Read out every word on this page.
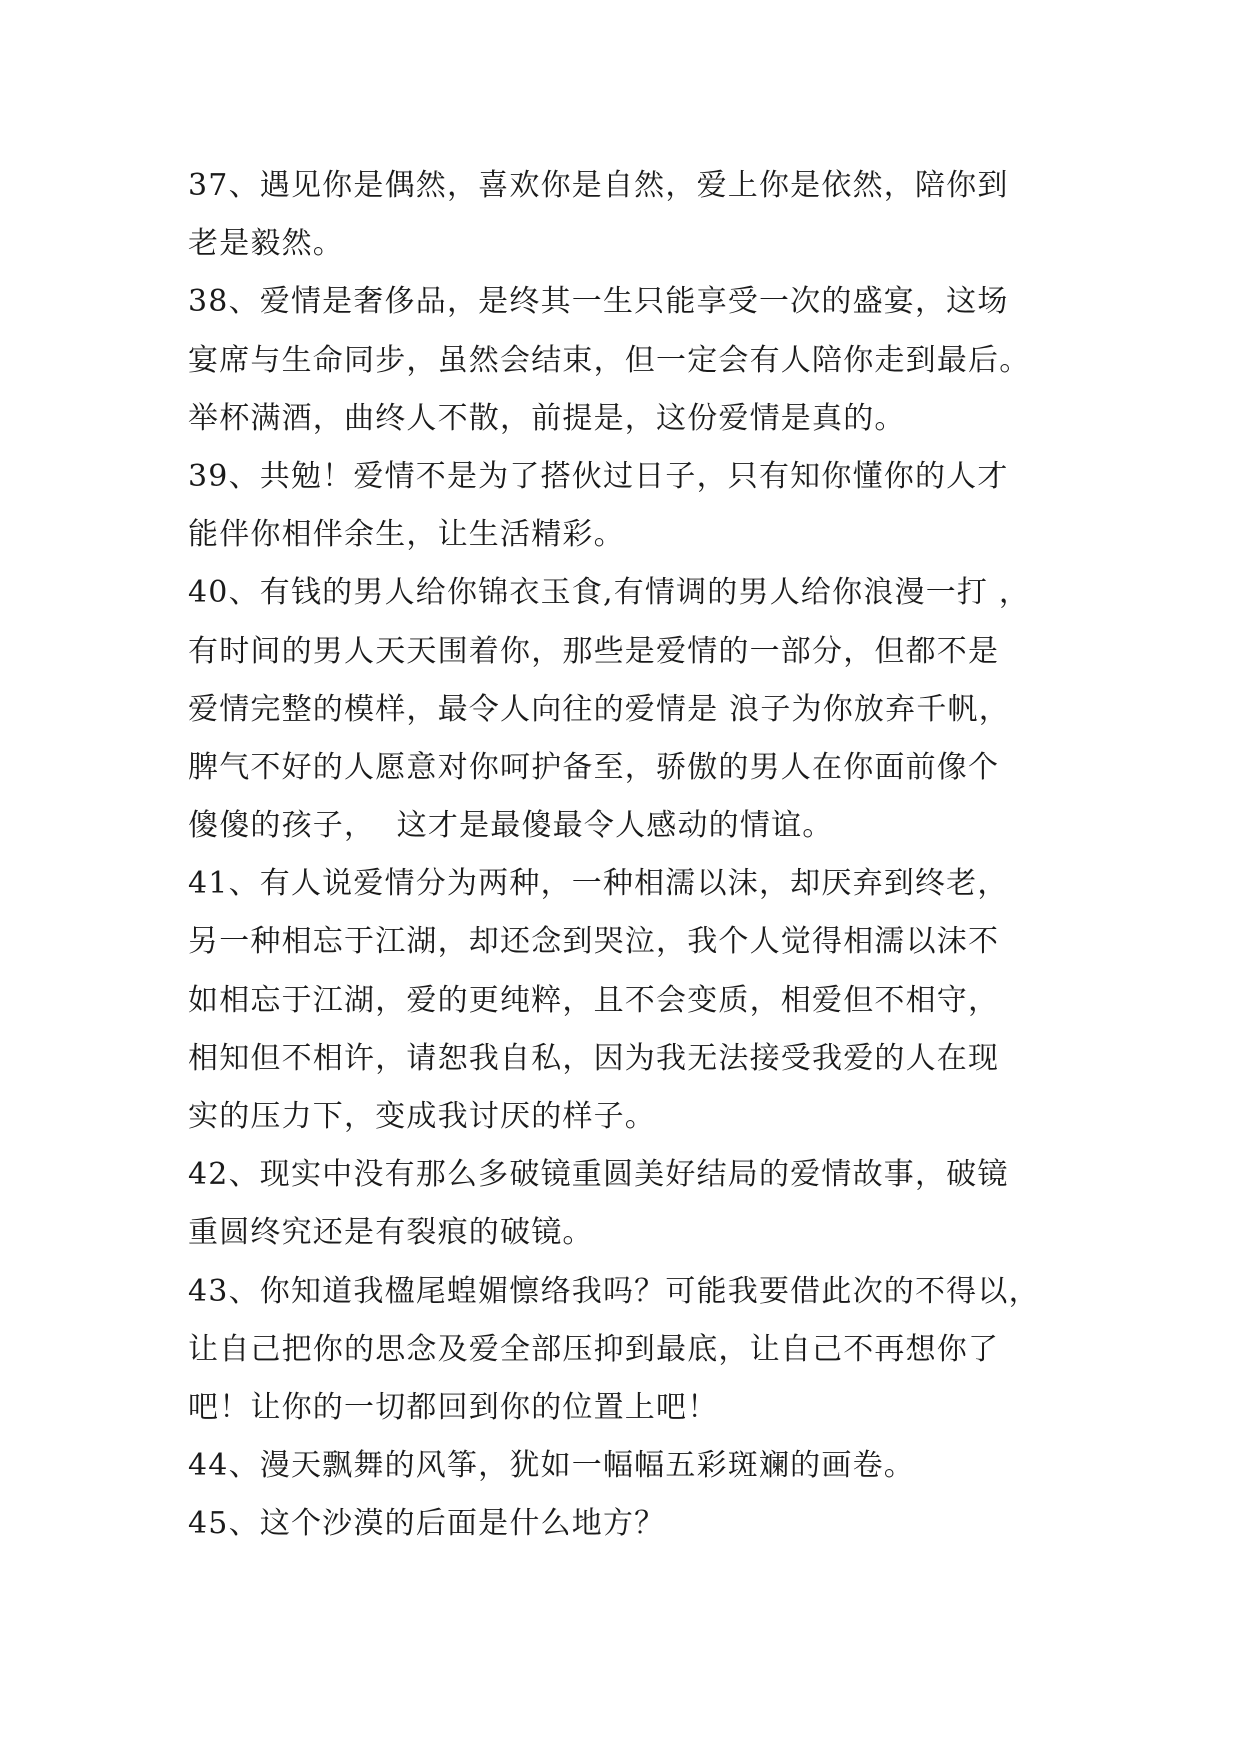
37、遇见你是偶然，喜欢你是自然，爱上你是依然，陪你到
老是毅然。
38、爱情是奢侈品，是终其一生只能享受一次的盛宴，这场
宴席与生命同步，虽然会结束，但一定会有人陪你走到最后。
举杯满酒，曲终人不散，前提是，这份爱情是真的。
39、共勉！爱情不是为了搭伙过日子，只有知你懂你的人才
能伴你相伴余生，让生活精彩。
40、有钱的男人给你锦衣玉食,有情调的男人给你浪漫一打 ，
有时间的男人天天围着你，那些是爱情的一部分，但都不是
爱情完整的模样，最令人向往的爱情是 浪子为你放弃千帆，
脾气不好的人愿意对你呵护备至，骄傲的男人在你面前像个
傻傻的孩子，  这才是最傻最令人感动的情谊。
41、有人说爱情分为两种，一种相濡以沫，却厌弃到终老，
另一种相忘于江湖，却还念到哭泣，我个人觉得相濡以沫不
如相忘于江湖，爱的更纯粹，且不会变质，相爱但不相守，
相知但不相许，请恕我自私，因为我无法接受我爱的人在现
实的压力下，变成我讨厌的样子。
42、现实中没有那么多破镜重圆美好结局的爱情故事，破镜
重圆终究还是有裂痕的破镜。
43、你知道我楹尾蝗媚懔络我吗？可能我要借此次的不得以，
让自己把你的思念及爱全部压抑到最底，让自己不再想你了
吧！让你的一切都回到你的位置上吧！
44、漫天飘舞的风筝，犹如一幅幅五彩斑斓的画卷。
45、这个沙漠的后面是什么地方？
